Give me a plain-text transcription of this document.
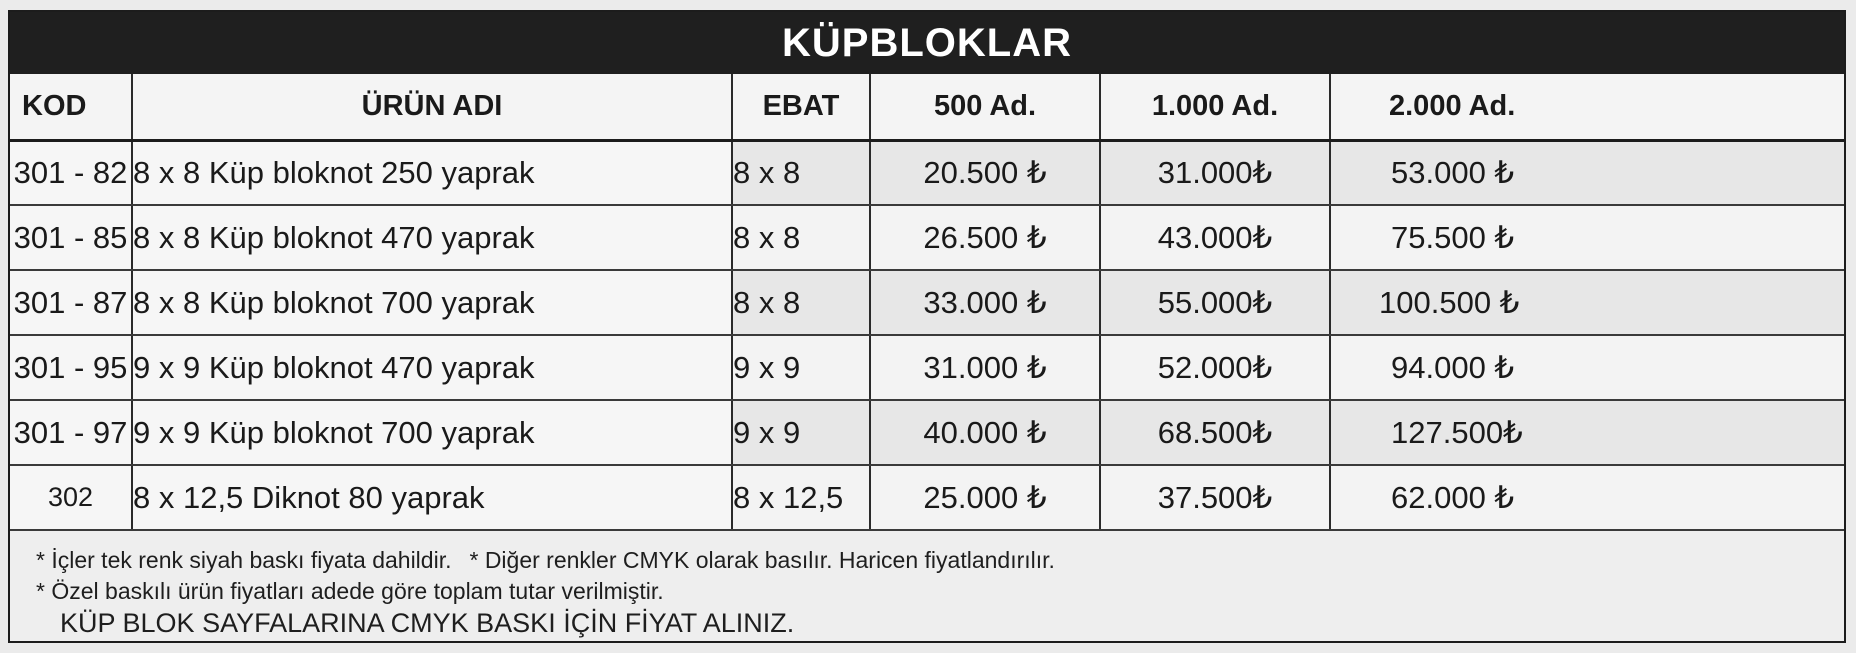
KÜPBLOKLAR
KOD	ÜRÜN ADI	EBAT	500 Ad.	1.000 Ad.	2.000 Ad.
301 - 82	8 x 8 Küp bloknot 250 yaprak	8 x 8	20.500 ₺	31.000₺	53.000 ₺
301 - 85	8 x 8 Küp bloknot 470 yaprak	8 x 8	26.500 ₺	43.000₺	75.500 ₺
301 - 87	8 x 8 Küp bloknot 700 yaprak	8 x 8	33.000 ₺	55.000₺	100.500 ₺
301 - 95	9 x 9 Küp bloknot 470 yaprak	9 x 9	31.000 ₺	52.000₺	94.000 ₺
301 - 97	9 x 9 Küp bloknot 700 yaprak	9 x 9	40.000 ₺	68.500₺	127.500₺
302	8 x 12,5 Diknot 80 yaprak	8 x 12,5	25.000 ₺	37.500₺	62.000 ₺
* İçler tek renk siyah baskı fiyata dahildir. * Diğer renkler CMYK olarak basılır. Haricen fiyatlandırılır.
* Özel baskılı ürün fiyatları adede göre toplam tutar verilmiştir.
KÜP BLOK SAYFALARINA CMYK BASKI İÇİN FİYAT ALINIZ.
